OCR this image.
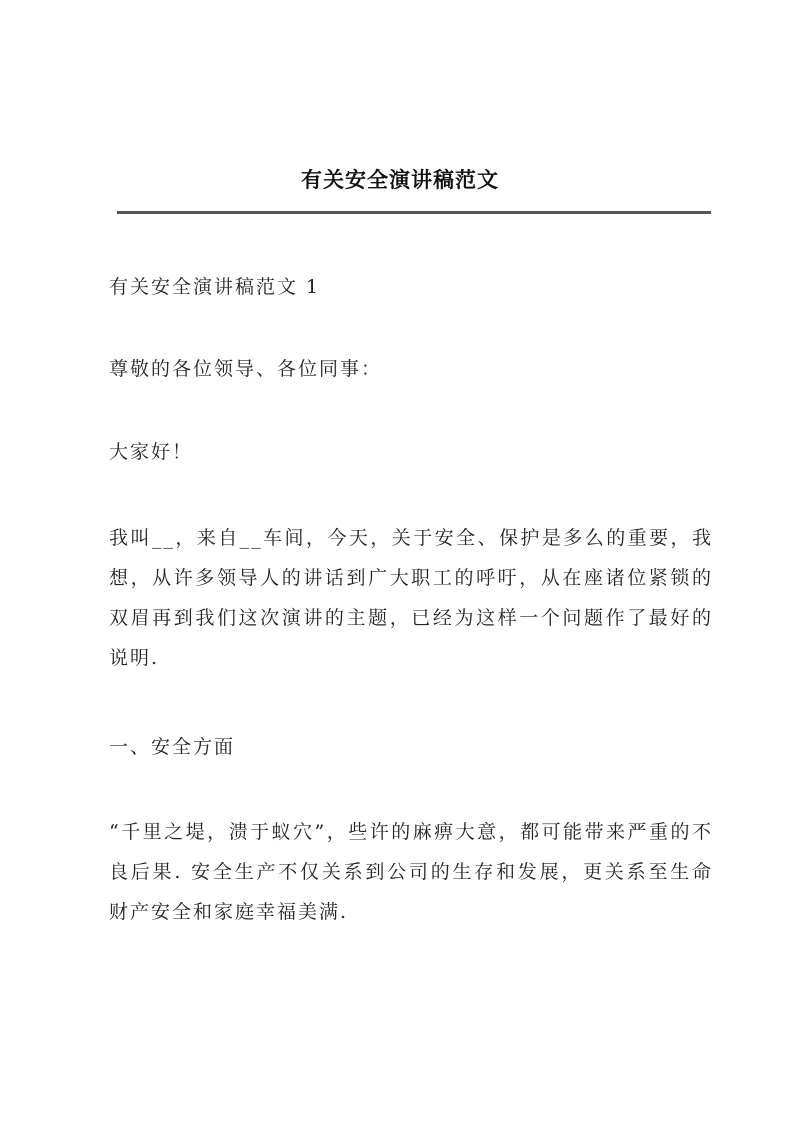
有关安全演讲稿范文

有关安全演讲稿范文 1

尊敬的各位领导、各位同事：

大家好！

我叫__，来自__车间，今天，关于安全、保护是多么的重要，我想，从许多领导人的讲话到广大职工的呼吁，从在座诸位紧锁的双眉再到我们这次演讲的主题，已经为这样一个问题作了最好的说明.

一、安全方面

“千里之堤，溃于蚁穴”，些许的麻痹大意，都可能带来严重的不良后果. 安全生产不仅关系到公司的生存和发展，更关系至生命财产安全和家庭幸福美满.
